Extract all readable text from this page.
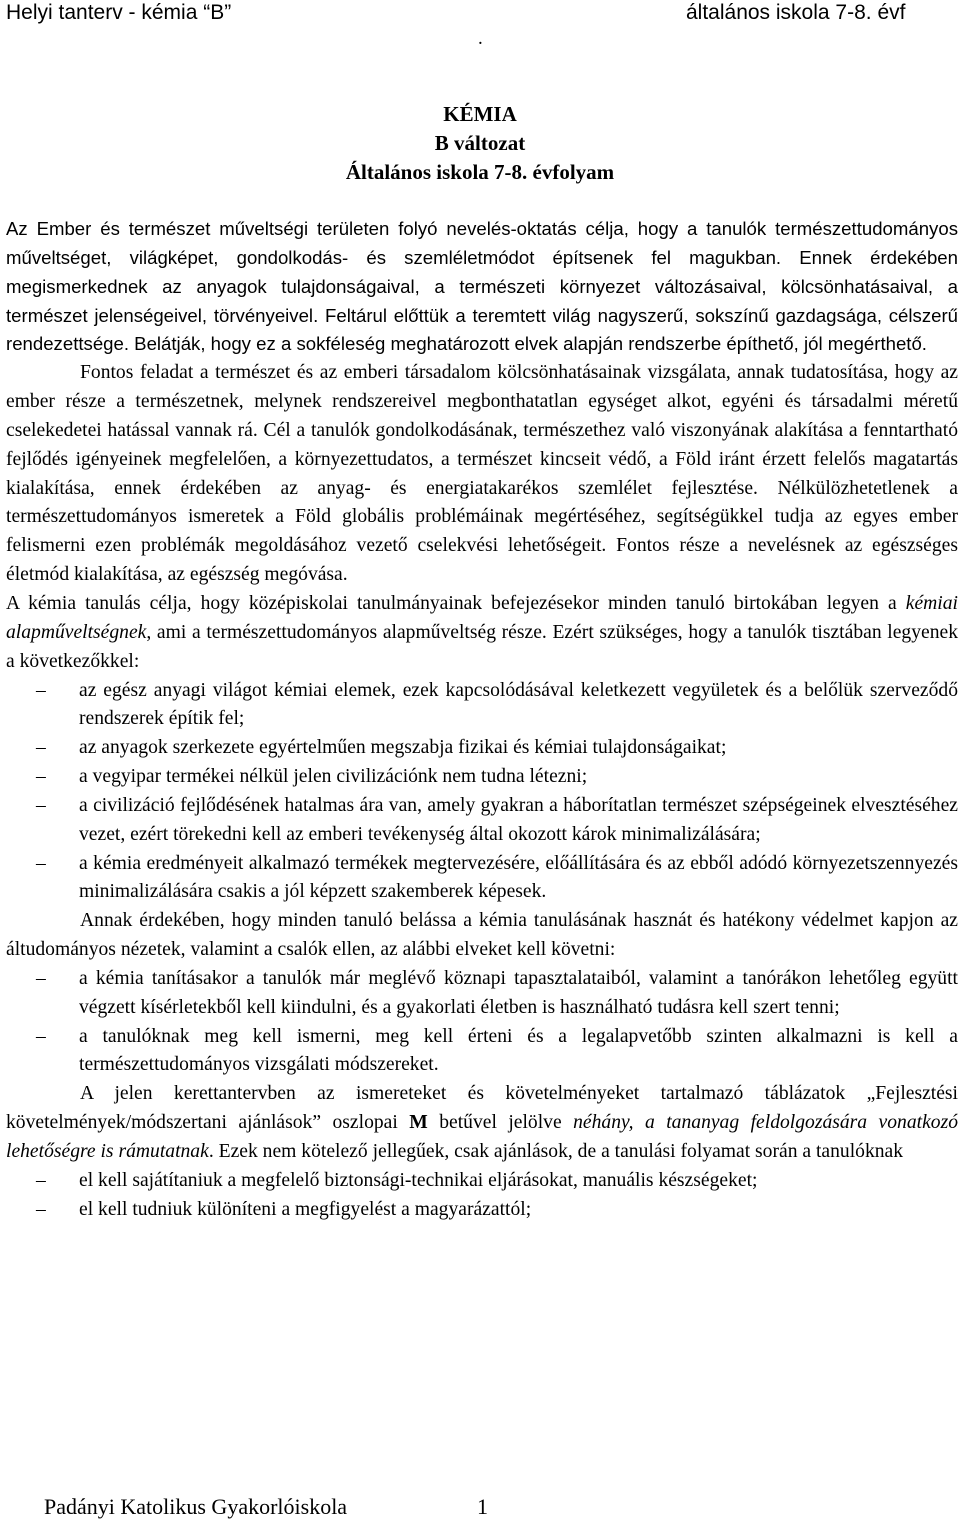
Helyi tanterv - kémia “B”	általános iskola 7-8. évf
.
KÉMIA
B változat
Általános iskola 7-8. évfolyam

Az Ember és természet műveltségi területen folyó nevelés-oktatás célja, hogy a tanulók természettudományos műveltséget, világképet, gondolkodás- és szemléletmódot építsenek fel magukban. Ennek érdekében megismerkednek az anyagok tulajdonságaival, a természeti környezet változásaival, kölcsönhatásaival, a természet jelenségeivel, törvényeivel. Feltárul előttük a teremtett világ nagyszerű, sokszínű gazdagsága, célszerű rendezettsége. Belátják, hogy ez a sokféleség meghatározott elvek alapján rendszerbe építhető, jól megérthető.

Fontos feladat a természet és az emberi társadalom kölcsönhatásainak vizsgálata, annak tudatosítása, hogy az ember része a természetnek, melynek rendszereivel megbonthatatlan egységet alkot, egyéni és társadalmi méretű cselekedetei hatással vannak rá. Cél a tanulók gondolkodásának, természethez való viszonyának alakítása a fenntartható fejlődés igényeinek megfelelően, a környezettudatos, a természet kincseit védő, a Föld iránt érzett felelős magatartás kialakítása, ennek érdekében az anyag- és energiatakarékos szemlélet fejlesztése. Nélkülözhetetlenek a természettudományos ismeretek a Föld globális problémáinak megértéséhez, segítségükkel tudja az egyes ember felismerni ezen problémák megoldásához vezető cselekvési lehetőségeit. Fontos része a nevelésnek az egészséges életmód kialakítása, az egészség megóvása.

A kémia tanulás célja, hogy középiskolai tanulmányainak befejezésekor minden tanuló birtokában legyen a kémiai alapműveltségnek, ami a természettudományos alapműveltség része. Ezért szükséges, hogy a tanulók tisztában legyenek a következőkkel:

– az egész anyagi világot kémiai elemek, ezek kapcsolódásával keletkezett vegyületek és a belőlük szerveződő rendszerek építik fel;
– az anyagok szerkezete egyértelműen megszabja fizikai és kémiai tulajdonságaikat;
– a vegyipar termékei nélkül jelen civilizációnk nem tudna létezni;
– a civilizáció fejlődésének hatalmas ára van, amely gyakran a háborítatlan természet szépségeinek elvesztéséhez vezet, ezért törekedni kell az emberi tevékenység által okozott károk minimalizálására;
– a kémia eredményeit alkalmazó termékek megtervezésére, előállítására és az ebből adódó környezetszennyezés minimalizálására csakis a jól képzett szakemberek képesek.

Annak érdekében, hogy minden tanuló belássa a kémia tanulásának hasznát és hatékony védelmet kapjon az áltudományos nézetek, valamint a csalók ellen, az alábbi elveket kell követni:

– a kémia tanításakor a tanulók már meglévő köznapi tapasztalataiból, valamint a tanórákon lehetőleg együtt végzett kísérletekből kell kiindulni, és a gyakorlati életben is használható tudásra kell szert tenni;
– a tanulóknak meg kell ismerni, meg kell érteni és a legalapvetőbb szinten alkalmazni is kell a természettudományos vizsgálati módszereket.

A jelen kerettantervben az ismereteket és követelményeket tartalmazó táblázatok „Fejlesztési követelmények/módszertani ajánlások” oszlopai M betűvel jelölve néhány, a tananyag feldolgozására vonatkozó lehetőségre is rámutatnak. Ezek nem kötelező jellegűek, csak ajánlások, de a tanulási folyamat során a tanulóknak

– el kell sajátítaniuk a megfelelő biztonsági-technikai eljárásokat, manuális készségeket;
– el kell tudniuk különíteni a megfigyelést a magyarázattól;
Padányi Katolikus Gyakorlóiskola	1
